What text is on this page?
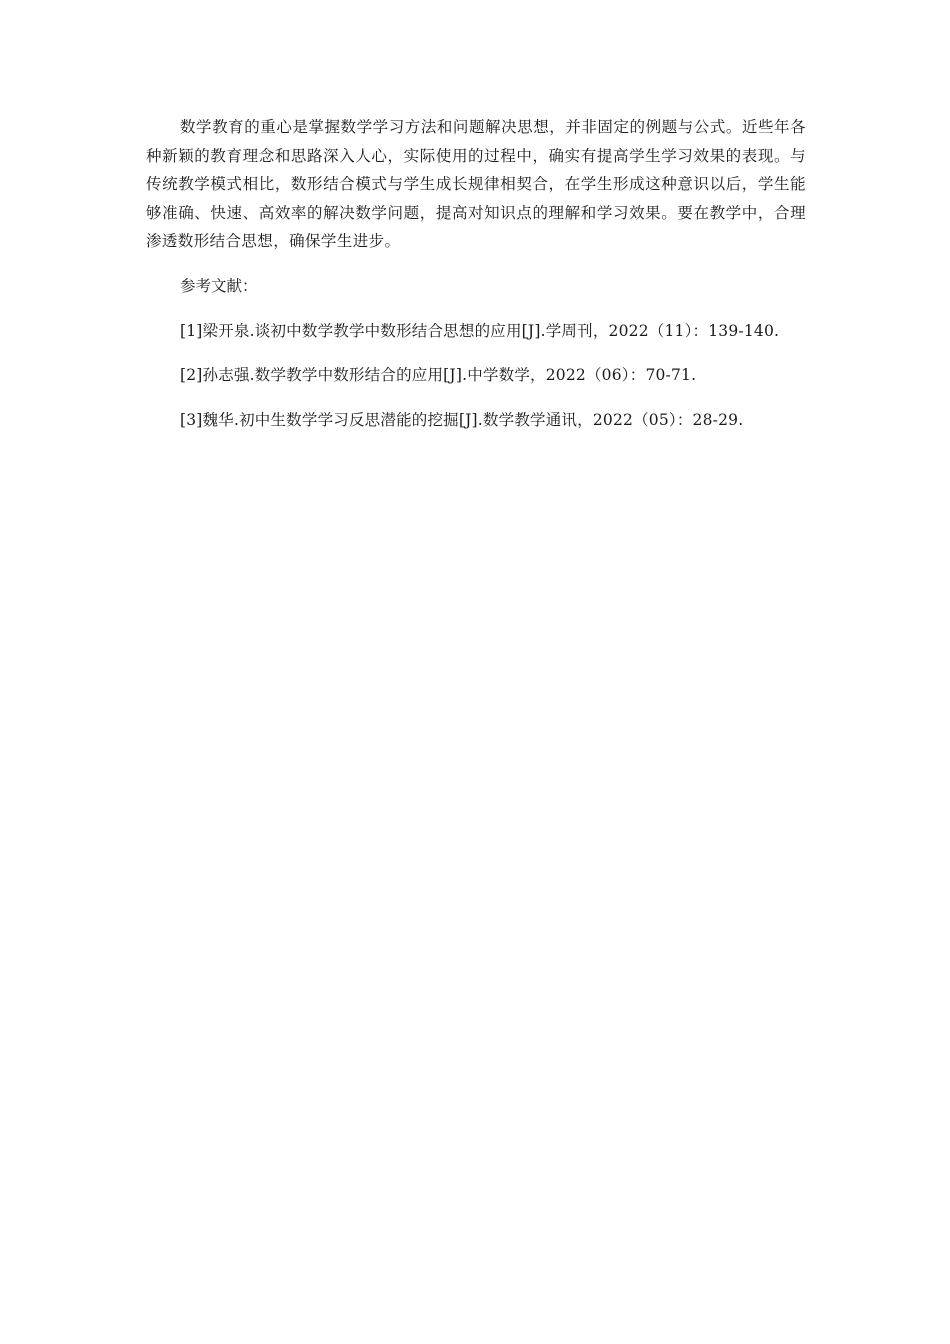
数学教育的重心是掌握数学学习方法和问题解决思想，并非固定的例题与公式。近些年各种新颖的教育理念和思路深入人心，实际使用的过程中，确实有提高学生学习效果的表现。与传统教学模式相比，数形结合模式与学生成长规律相契合，在学生形成这种意识以后，学生能够准确、快速、高效率的解决数学问题，提高对知识点的理解和学习效果。要在教学中，合理渗透数形结合思想，确保学生进步。

参考文献：

[1]梁开泉.谈初中数学教学中数形结合思想的应用[J].学周刊，2022（11）：139-140.
[2]孙志强.数学教学中数形结合的应用[J].中学数学，2022（06）：70-71.
[3]魏华.初中生数学学习反思潜能的挖掘[J].数学教学通讯，2022（05）：28-29.
